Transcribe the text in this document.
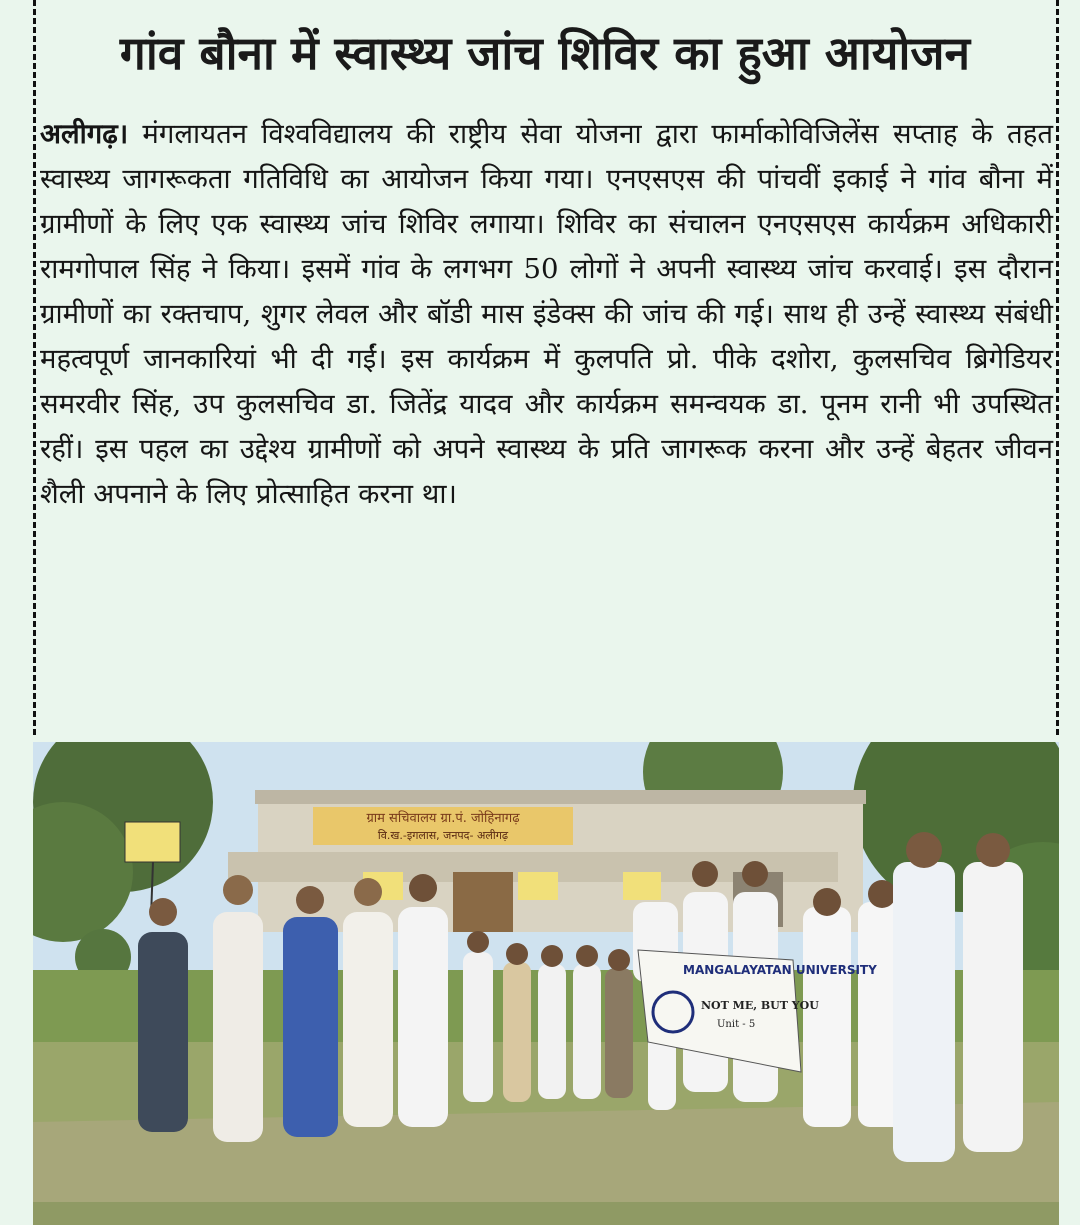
गांव बौना में स्वास्थ्य जांच शिविर का हुआ आयोजन
अलीगढ़। मंगलायतन विश्वविद्यालय की राष्ट्रीय सेवा योजना द्वारा फार्माकोविजिलेंस सप्ताह के तहत स्वास्थ्य जागरूकता गतिविधि का आयोजन किया गया। एनएसएस की पांचवीं इकाई ने गांव बौना में ग्रामीणों के लिए एक स्वास्थ्य जांच शिविर लगाया। शिविर का संचालन एनएसएस कार्यक्रम अधिकारी रामगोपाल सिंह ने किया। इसमें गांव के लगभग 50 लोगों ने अपनी स्वास्थ्य जांच करवाई। इस दौरान ग्रामीणों का रक्तचाप, शुगर लेवल और बॉडी मास इंडेक्स की जांच की गई। साथ ही उन्हें स्वास्थ्य संबंधी महत्वपूर्ण जानकारियां भी दी गईं। इस कार्यक्रम में कुलपति प्रो. पीके दशोरा, कुलसचिव ब्रिगेडियर समरवीर सिंह, उप कुलसचिव डा. जितेंद्र यादव और कार्यक्रम समन्वयक डा. पूनम रानी भी उपस्थित रहीं। इस पहल का उद्देश्य ग्रामीणों को अपने स्वास्थ्य के प्रति जागरूक करना और उन्हें बेहतर जीवन शैली अपनाने के लिए प्रोत्साहित करना था।
ग्राम सचिवालय ग्रा.पं. जोहिनागढ़
वि.ख.-इगलास, जनपद- अलीगढ़
MANGALAYATAN UNIVERSITY
NOT ME, BUT YOU
Unit - 5
